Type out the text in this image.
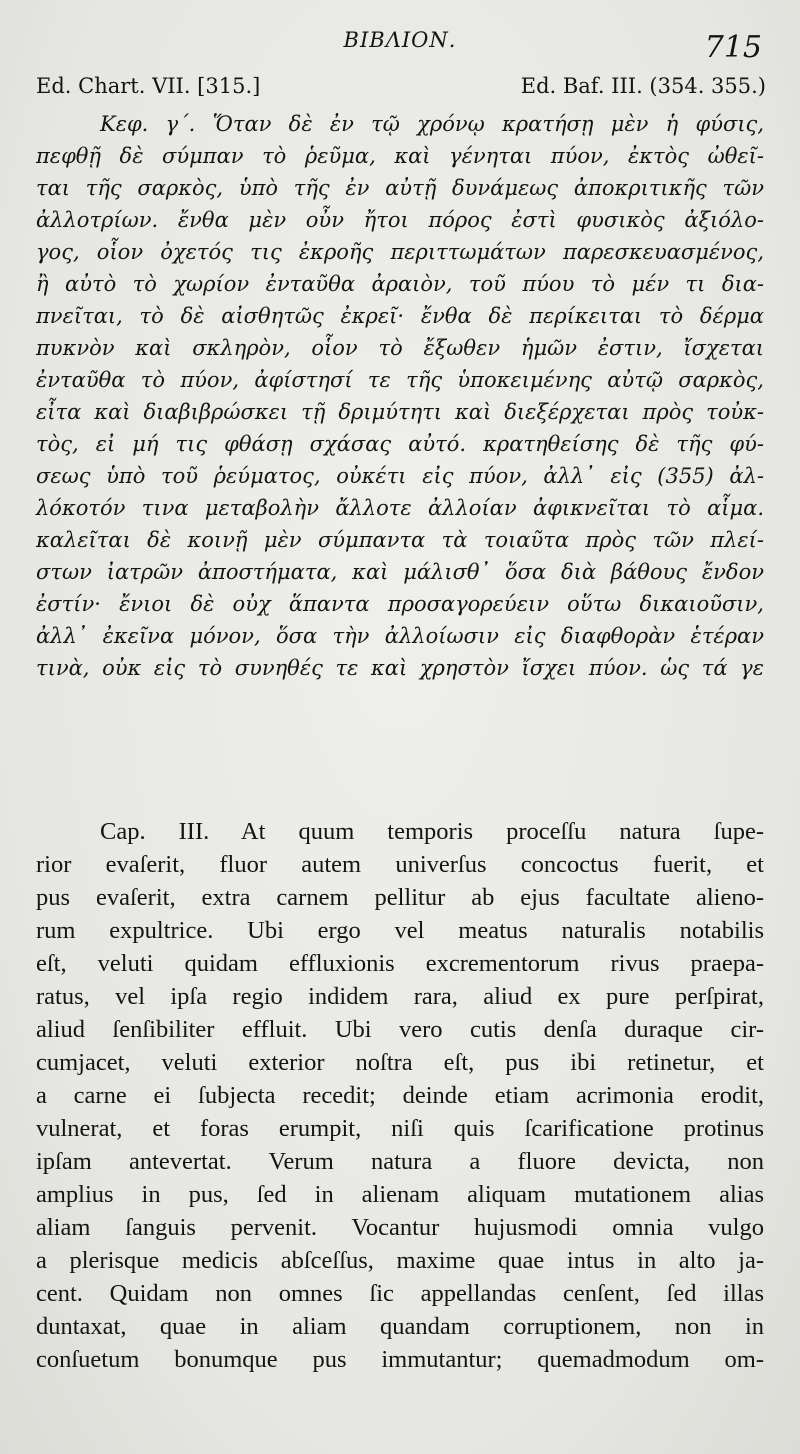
BIBΛΙΟΝ.	715
Ed. Chart. VII. [315.]	Ed. Baf. III. (354. 355.)
Κεφ. γ΄. Ὅταν δὲ ἐν τῷ χρόνῳ κρατήσῃ μὲν ἡ φύσις,
πεφθῇ δὲ σύμπαν τὸ ῥεῦμα, καὶ γένηται πύον, ἐκτὸς ὠθεῖ-
ται τῆς σαρκὸς, ὑπὸ τῆς ἐν αὐτῇ δυνάμεως ἀποκριτικῆς τῶν
ἀλλοτρίων. ἔνθα μὲν οὖν ἤτοι πόρος ἐστὶ φυσικὸς ἀξιόλο-
γος, οἷον ὀχετός τις ἐκροῆς περιττωμάτων παρεσκευασμένος,
ἢ αὐτὸ τὸ χωρίον ἐνταῦθα ἀραιὸν, τοῦ πύου τὸ μέν τι δια-
πνεῖται, τὸ δὲ αἰσθητῶς ἐκρεῖ· ἔνθα δὲ περίκειται τὸ δέρμα
πυκνὸν καὶ σκληρὸν, οἷον τὸ ἔξωθεν ἡμῶν ἐστιν, ἴσχεται
ἐνταῦθα τὸ πύον, ἀφίστησί τε τῆς ὑποκειμένης αὐτῷ σαρκὸς,
εἶτα καὶ διαβιβρώσκει τῇ δριμύτητι καὶ διεξέρχεται πρὸς τοὐκ-
τὸς, εἰ μή τις φθάσῃ σχάσας αὐτό. κρατηθείσης δὲ τῆς φύ-
σεως ὑπὸ τοῦ ῥεύματος, οὐκέτι εἰς πύον, ἀλλ᾽ εἰς (355) ἀλ-
λόκοτόν τινα μεταβολὴν ἄλλοτε ἀλλοίαν ἀφικνεῖται τὸ αἷμα.
καλεῖται δὲ κοινῇ μὲν σύμπαντα τὰ τοιαῦτα πρὸς τῶν πλεί-
στων ἰατρῶν ἀποστήματα, καὶ μάλισθ᾽ ὅσα διὰ βάθους ἔνδον
ἐστίν· ἔνιοι δὲ οὐχ ἅπαντα προσαγορεύειν οὕτω δικαιοῦσιν,
ἀλλ᾽ ἐκεῖνα μόνον, ὅσα τὴν ἀλλοίωσιν εἰς διαφθορὰν ἑτέραν
τινὰ, οὐκ εἰς τὸ συνηθές τε καὶ χρηστὸν ἴσχει πύον. ὡς τά γε
Cap. III. At quum temporis proceſſu natura ſupe-
rior evaſerit, fluor autem univerſus concoctus fuerit, et
pus evaſerit, extra carnem pellitur ab ejus facultate alieno-
rum expultrice. Ubi ergo vel meatus naturalis notabilis
eſt, veluti quidam effluxionis excrementorum rivus praepa-
ratus, vel ipſa regio indidem rara, aliud ex pure perſpirat,
aliud ſenſibiliter effluit. Ubi vero cutis denſa duraque cir-
cumjacet, veluti exterior noſtra eſt, pus ibi retinetur, et
a carne ei ſubjecta recedit; deinde etiam acrimonia erodit,
vulnerat, et foras erumpit, niſi quis ſcarificatione protinus
ipſam antevertat. Verum natura a fluore devicta, non
amplius in pus, ſed in alienam aliquam mutationem alias
aliam ſanguis pervenit. Vocantur hujusmodi omnia vulgo
a plerisque medicis abſceſſus, maxime quae intus in alto ja-
cent. Quidam non omnes ſic appellandas cenſent, ſed illas
duntaxat, quae in aliam quandam corruptionem, non in
conſuetum bonumque pus immutantur; quemadmodum om-
